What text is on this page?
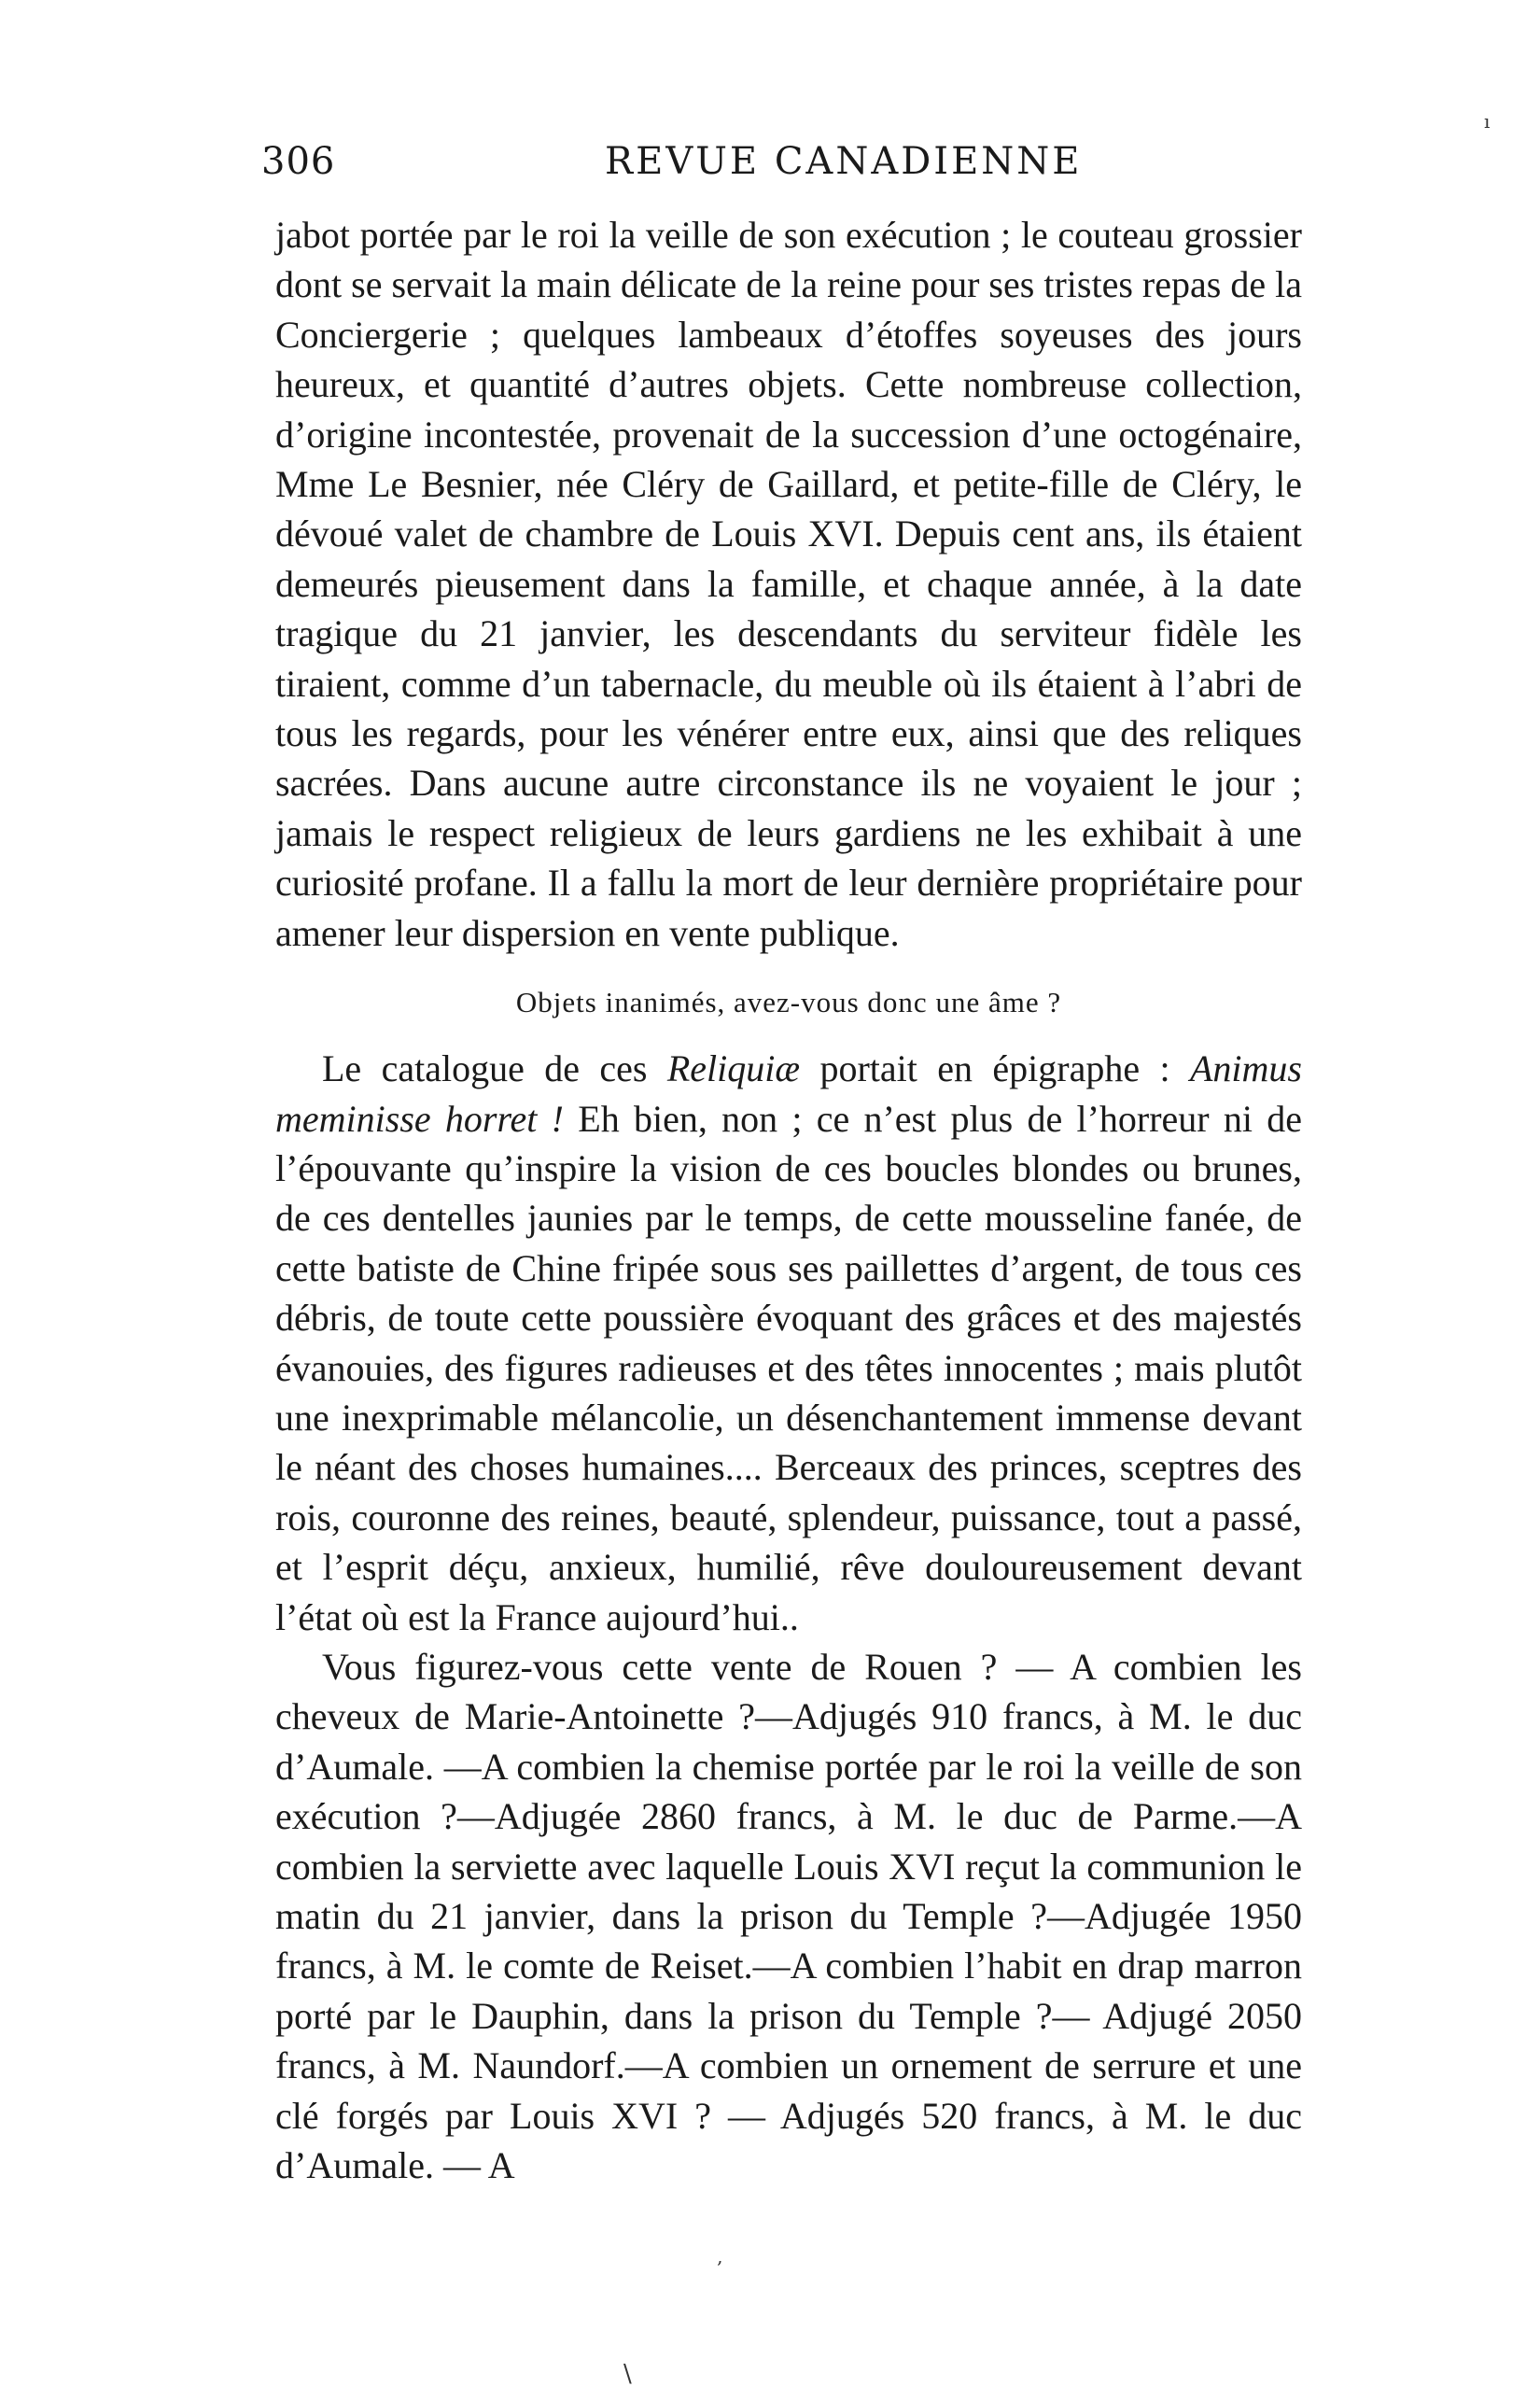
306	REVUE CANADIENNE

jabot portée par le roi la veille de son exécution ; le couteau grossier dont se servait la main délicate de la reine pour ses tristes repas de la Conciergerie ; quelques lambeaux d’étoffes soyeuses des jours heureux, et quantité d’autres objets. Cette nombreuse collection, d’origine incontestée, provenait de la succession d’une octogénaire, Mme Le Besnier, née Cléry de Gaillard, et petite-fille de Cléry, le dévoué valet de chambre de Louis XVI. Depuis cent ans, ils étaient demeurés pieusement dans la famille, et chaque année, à la date tragique du 21 janvier, les descendants du serviteur fidèle les tiraient, comme d’un tabernacle, du meuble où ils étaient à l’abri de tous les regards, pour les vénérer entre eux, ainsi que des reliques sacrées. Dans aucune autre circonstance ils ne voyaient le jour ; jamais le respect religieux de leurs gardiens ne les exhibait à une curiosité profane. Il a fallu la mort de leur dernière propriétaire pour amener leur dispersion en vente publique.

Objets inanimés, avez-vous donc une âme ?

Le catalogue de ces Reliquiæ portait en épigraphe : Animus meminisse horret ! Eh bien, non ; ce n’est plus de l’horreur ni de l’épouvante qu’inspire la vision de ces boucles blondes ou brunes, de ces dentelles jaunies par le temps, de cette mousseline fanée, de cette batiste de Chine fripée sous ses paillettes d’argent, de tous ces débris, de toute cette poussière évoquant des grâces et des majestés évanouies, des figures radieuses et des têtes innocentes ; mais plutôt une inexprimable mélancolie, un désenchantement immense devant le néant des choses humaines.... Berceaux des princes, sceptres des rois, couronne des reines, beauté, splendeur, puissance, tout a passé, et l’esprit déçu, anxieux, humilié, rêve douloureusement devant l’état où est la France aujourd’hui..

Vous figurez-vous cette vente de Rouen ? — A combien les cheveux de Marie-Antoinette ?—Adjugés 910 francs, à M. le duc d’Aumale. —A combien la chemise portée par le roi la veille de son exécution ?—Adjugée 2860 francs, à M. le duc de Parme.—A combien la serviette avec laquelle Louis XVI reçut la communion le matin du 21 janvier, dans la prison du Temple ?—Adjugée 1950 francs, à M. le comte de Reiset.—A combien l’habit en drap marron porté par le Dauphin, dans la prison du Temple ?— Adjugé 2050 francs, à M. Naundorf.—A combien un ornement de serrure et une clé forgés par Louis XVI ? — Adjugés 520 francs, à M. le duc d’Aumale. — A

ı
‚
\
